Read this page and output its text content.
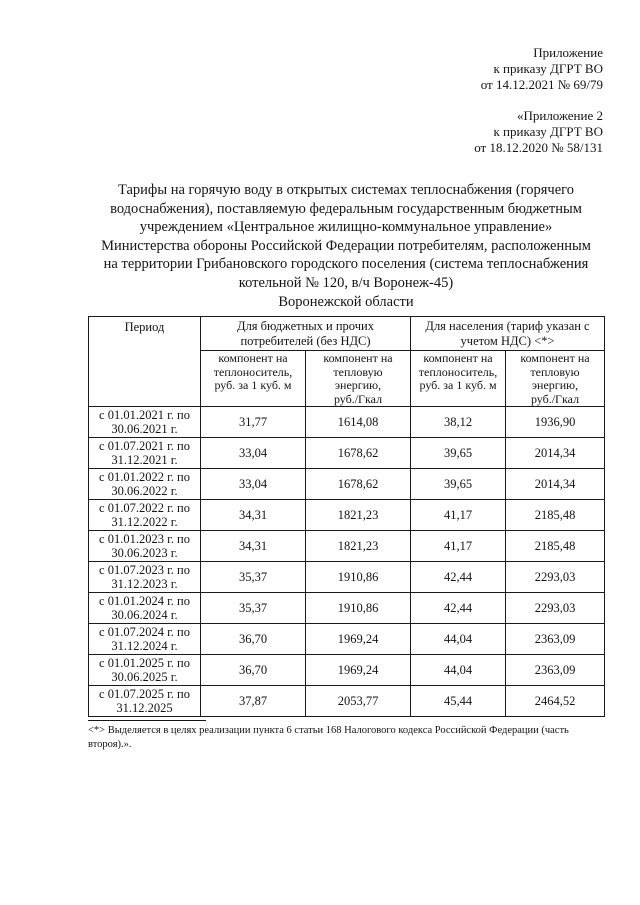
Приложение
к приказу ДГРТ ВО
от 14.12.2021 № 69/79
«Приложение 2
к приказу ДГРТ ВО
от 18.12.2020 № 58/131
Тарифы на горячую воду в открытых системах теплоснабжения (горячего
водоснабжения), поставляемую федеральным государственным бюджетным
учреждением «Центральное жилищно-коммунальное управление»
Министерства обороны Российской Федерации потребителям, расположенным
на территории Грибановского городского поселения (система теплоснабжения
котельной № 120, в/ч Воронеж-45)
Воронежской области
Период	Для бюджетных и прочих
потребителей (без НДС)		Для населения (тариф указан с
учетом НДС) <*>	

	компонент на
теплоноситель,
руб. за 1 куб. м	компонент на
тепловую
энергию,
руб./Гкал	компонент на
теплоноситель,
руб. за 1 куб. м	компонент на
тепловую
энергию,
руб./Гкал

с 01.01.2021 г. по
30.06.2021 г.	31,77	1614,08	38,12	1936,90

с 01.07.2021 г. по
31.12.2021 г.	33,04	1678,62	39,65	2014,34

с 01.01.2022 г. по
30.06.2022 г.	33,04	1678,62	39,65	2014,34

с 01.07.2022 г. по
31.12.2022 г.	34,31	1821,23	41,17	2185,48

с 01.01.2023 г. по
30.06.2023 г.	34,31	1821,23	41,17	2185,48

с 01.07.2023 г. по
31.12.2023 г.	35,37	1910,86	42,44	2293,03

с 01.01.2024 г. по
30.06.2024 г.	35,37	1910,86	42,44	2293,03

с 01.07.2024 г. по
31.12.2024 г.	36,70	1969,24	44,04	2363,09

с 01.01.2025 г. по
30.06.2025 г.	36,70	1969,24	44,04	2363,09

с 01.07.2025 г. по
31.12.2025	37,87	2053,77	45,44	2464,52
<*> Выделяется в целях реализации пункта 6 статьи 168 Налогового кодекса Российской Федерации (часть
второя).».
